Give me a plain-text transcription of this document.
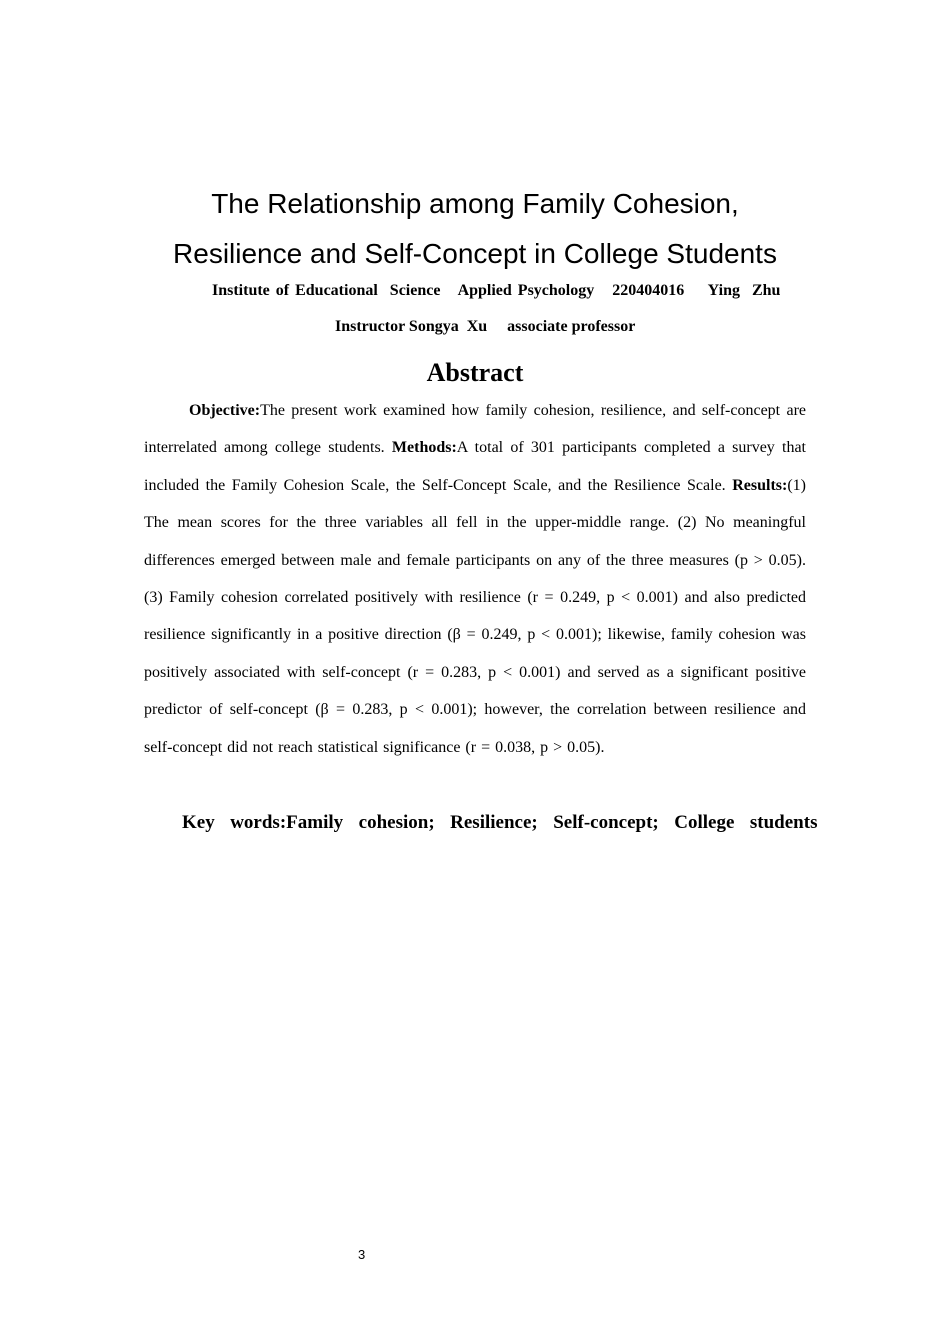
The Relationship among Family Cohesion,
Resilience and Self-Concept in College Students
Institute of Educational  Science   Applied Psychology   220404016    Ying  Zhu
Instructor Songya  Xu     associate professor
Abstract

Objective:The present work examined how family cohesion, resilience, and self-concept are interrelated among college students. Methods:A total of 301 participants completed a survey that included the Family Cohesion Scale, the Self-Concept Scale, and the Resilience Scale. Results:(1) The mean scores for the three variables all fell in the upper-middle range. (2) No meaningful differences emerged between male and female participants on any of the three measures (p > 0.05). (3) Family cohesion correlated positively with resilience (r = 0.249, p < 0.001) and also predicted resilience significantly in a positive direction (β = 0.249, p < 0.001); likewise, family cohesion was positively associated with self-concept (r = 0.283, p < 0.001) and served as a significant positive predictor of self-concept (β = 0.283, p < 0.001); however, the correlation between resilience and self-concept did not reach statistical significance (r = 0.038, p > 0.05).

Key  words:Family  cohesion;  Resilience;  Self-concept;  College  students
3
